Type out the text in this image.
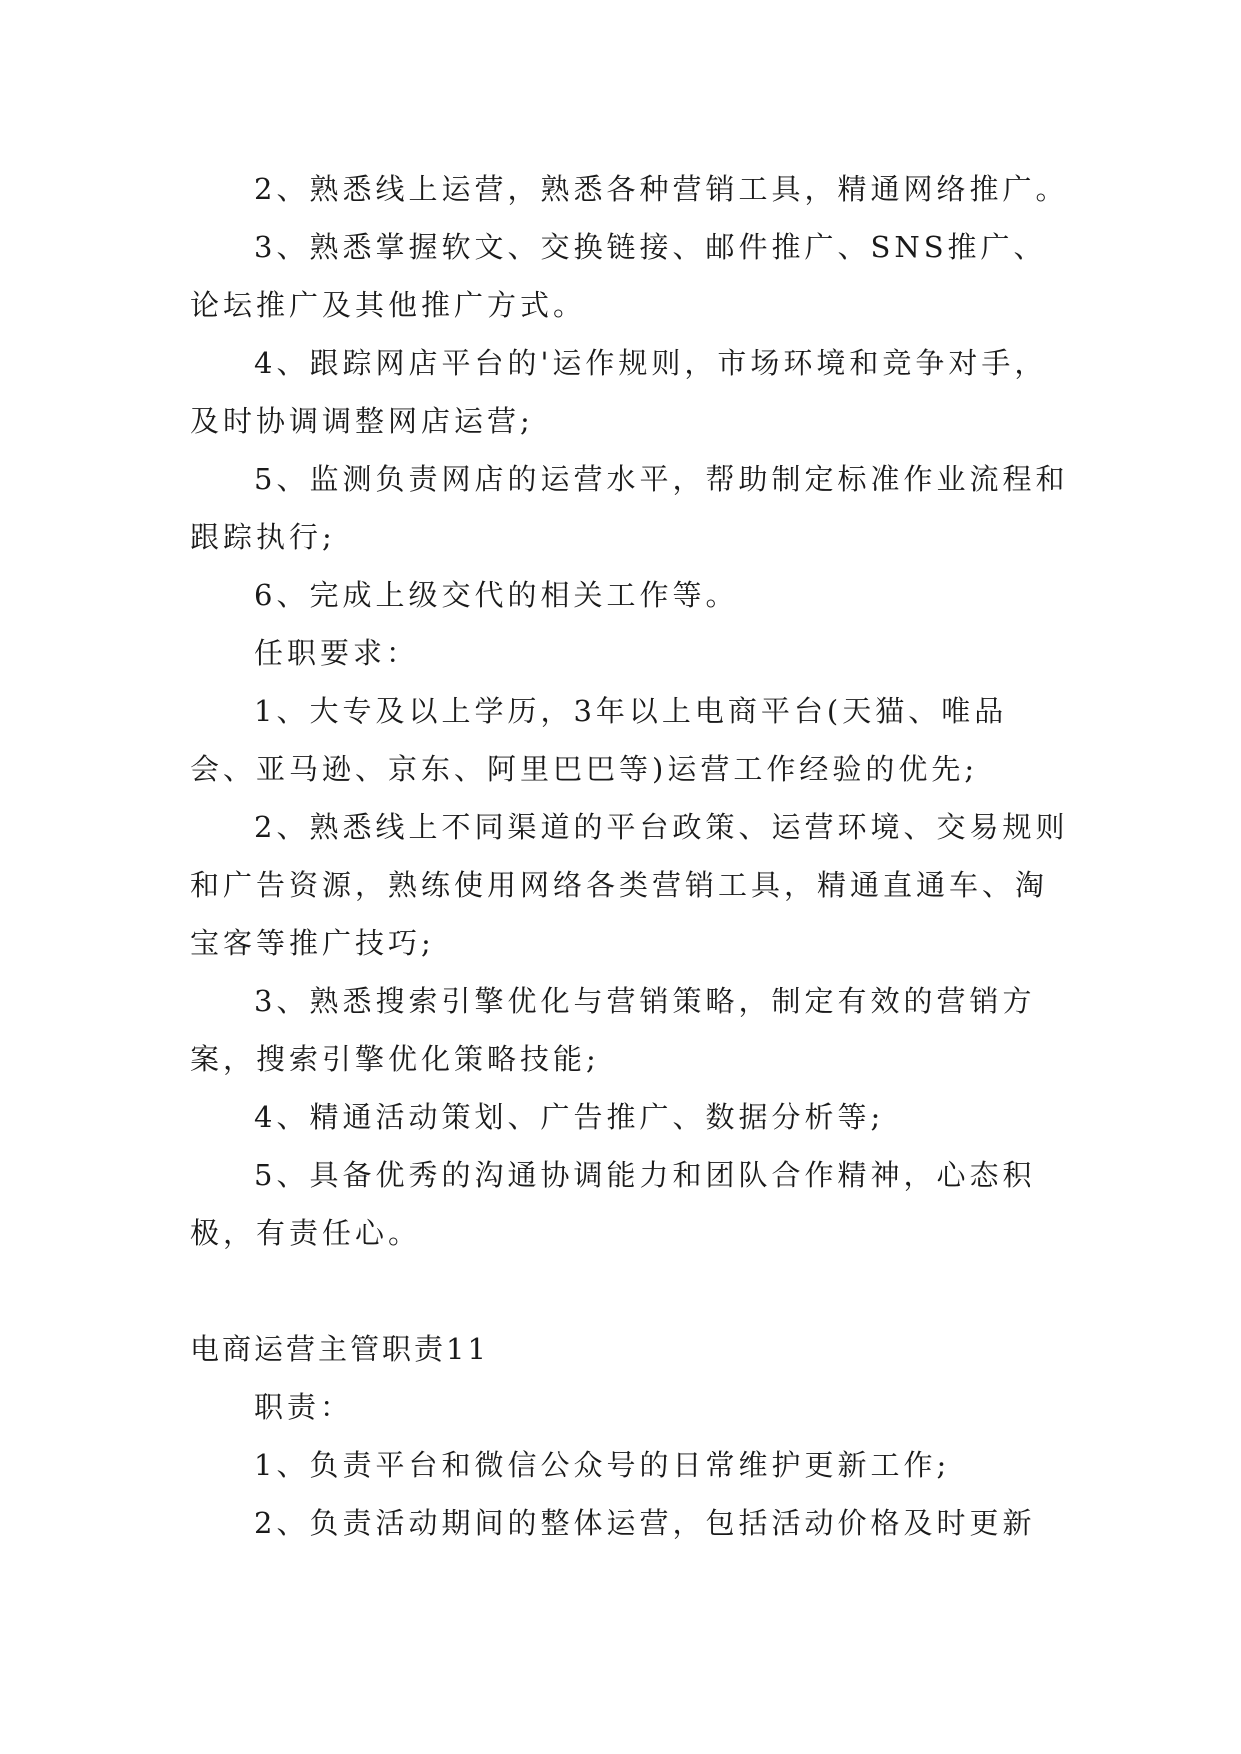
2、熟悉线上运营，熟悉各种营销工具，精通网络推广。

3、熟悉掌握软文、交换链接、邮件推广、SNS推广、论坛推广及其他推广方式。

4、跟踪网店平台的'运作规则，市场环境和竞争对手，及时协调调整网店运营;

5、监测负责网店的运营水平，帮助制定标准作业流程和跟踪执行;

6、完成上级交代的相关工作等。

任职要求：

1、大专及以上学历，3年以上电商平台(天猫、唯品会、亚马逊、京东、阿里巴巴等)运营工作经验的优先;

2、熟悉线上不同渠道的平台政策、运营环境、交易规则和广告资源，熟练使用网络各类营销工具，精通直通车、淘宝客等推广技巧;

3、熟悉搜索引擎优化与营销策略，制定有效的营销方案，搜索引擎优化策略技能;

4、精通活动策划、广告推广、数据分析等;

5、具备优秀的沟通协调能力和团队合作精神，心态积极，有责任心。

电商运营主管职责11

职责：

1、负责平台和微信公众号的日常维护更新工作;

2、负责活动期间的整体运营，包括活动价格及时更新
